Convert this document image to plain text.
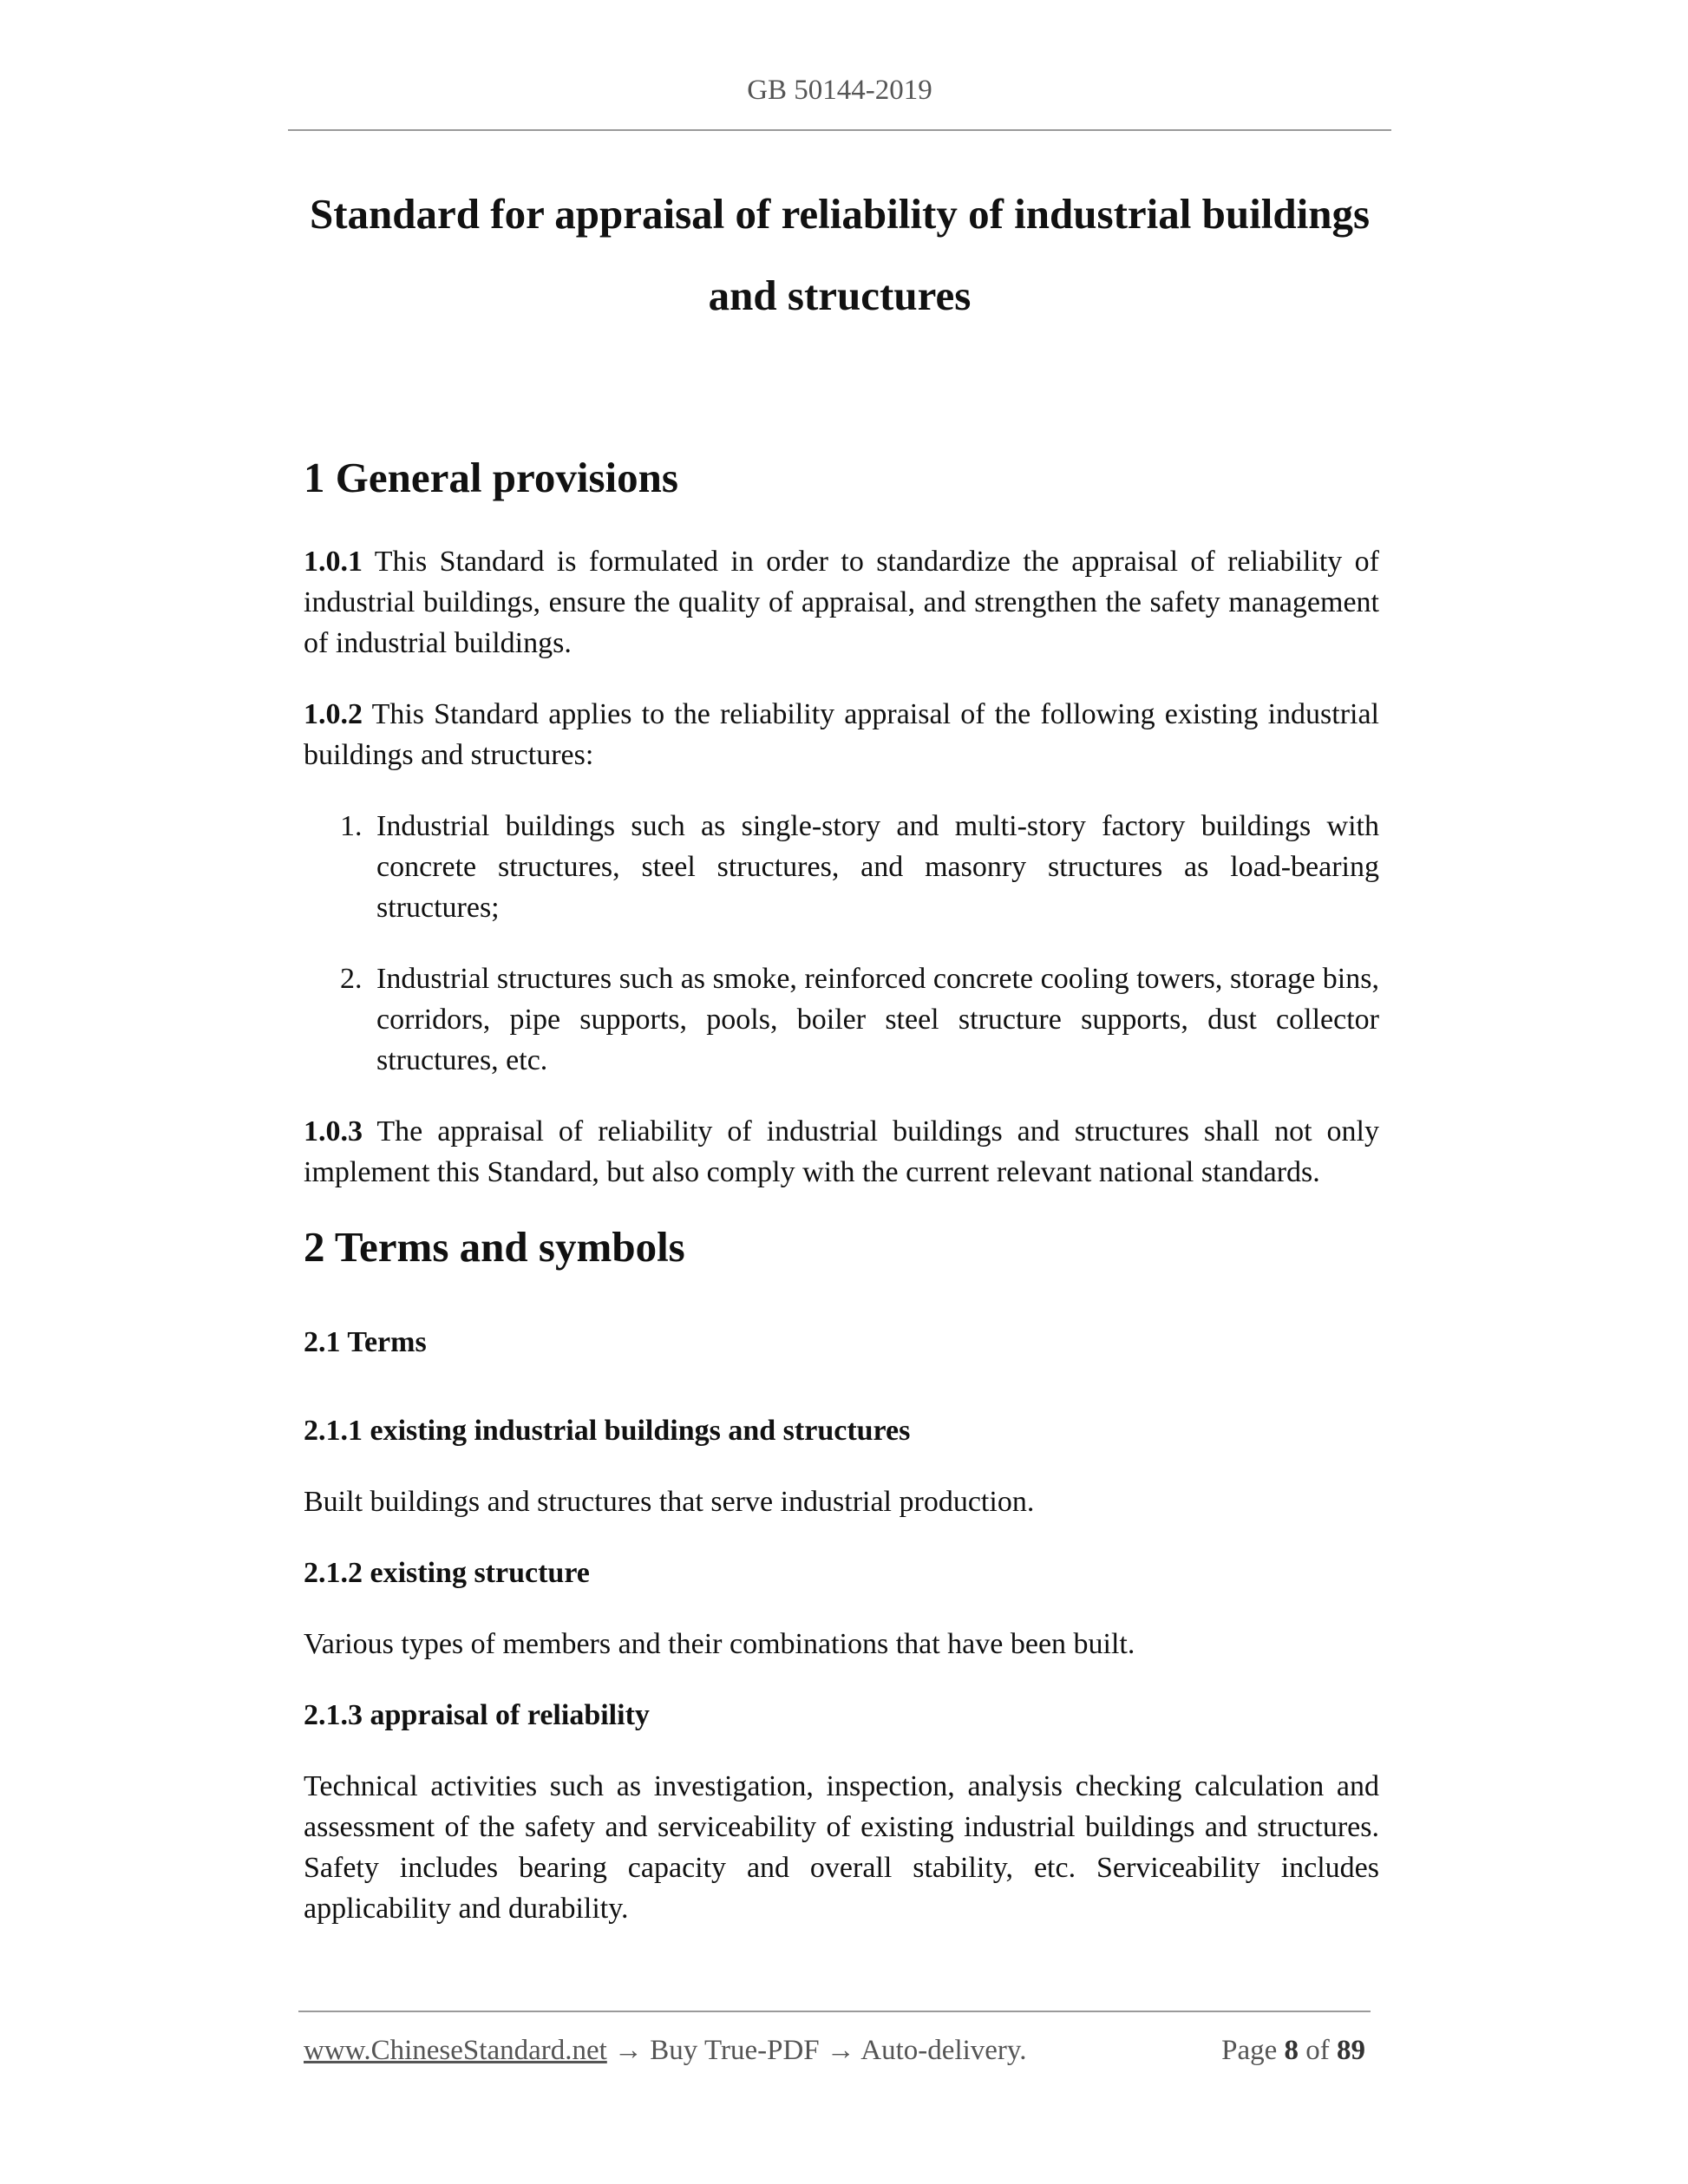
GB 50144-2019
Standard for appraisal of reliability of industrial buildings
and structures
1 General provisions

1.0.1 This Standard is formulated in order to standardize the appraisal of reliability of industrial buildings, ensure the quality of appraisal, and strengthen the safety management of industrial buildings.

1.0.2 This Standard applies to the reliability appraisal of the following existing industrial buildings and structures:

1. Industrial buildings such as single-story and multi-story factory buildings with concrete structures, steel structures, and masonry structures as load-bearing structures;

2. Industrial structures such as smoke, reinforced concrete cooling towers, storage bins, corridors, pipe supports, pools, boiler steel structure supports, dust collector structures, etc.

1.0.3 The appraisal of reliability of industrial buildings and structures shall not only implement this Standard, but also comply with the current relevant national standards.

2 Terms and symbols

2.1 Terms

2.1.1 existing industrial buildings and structures

Built buildings and structures that serve industrial production.

2.1.2 existing structure

Various types of members and their combinations that have been built.

2.1.3 appraisal of reliability

Technical activities such as investigation, inspection, analysis checking calculation and assessment of the safety and serviceability of existing industrial buildings and structures. Safety includes bearing capacity and overall stability, etc. Serviceability includes applicability and durability.

www.ChineseStandard.net → Buy True-PDF → Auto-delivery.	Page 8 of 89
